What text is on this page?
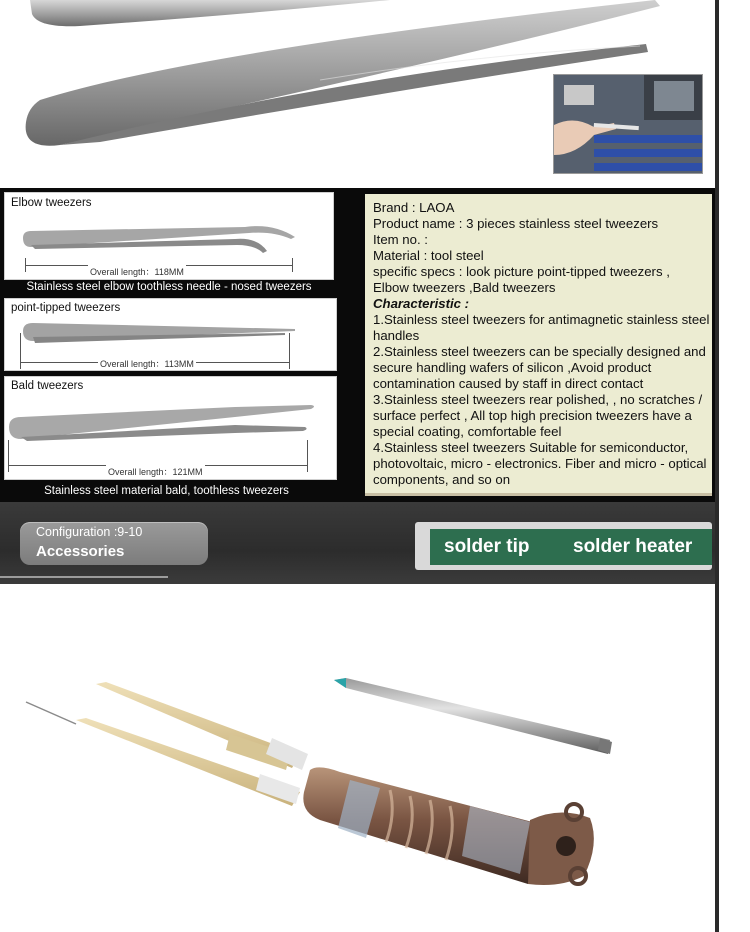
Elbow tweezers
Overall length：118MM
Stainless steel elbow toothless needle - nosed tweezers
point-tipped tweezers
Overall length：113MM
Bald tweezers
Overall length：121MM
Stainless steel material bald, toothless tweezers
Brand : LAOA
Product name : 3 pieces stainless steel tweezers
Item no. :
Material : tool steel
specific specs : look picture point-tipped tweezers ,
Elbow tweezers ,Bald tweezers
Characteristic :
1.Stainless steel tweezers for antimagnetic stainless steel handles
2.Stainless steel tweezers can be specially designed and secure handling wafers of silicon ,Avoid product contamination caused by staff in direct contact
3.Stainless steel tweezers rear polished, , no scratches / surface perfect , All top high precision tweezers have a special coating, comfortable feel
4.Stainless steel tweezers Suitable for semiconductor, photovoltaic, micro - electronics. Fiber and micro - optical components, and so on
Configuration :9-10
Accessories	solder tip solder heater
